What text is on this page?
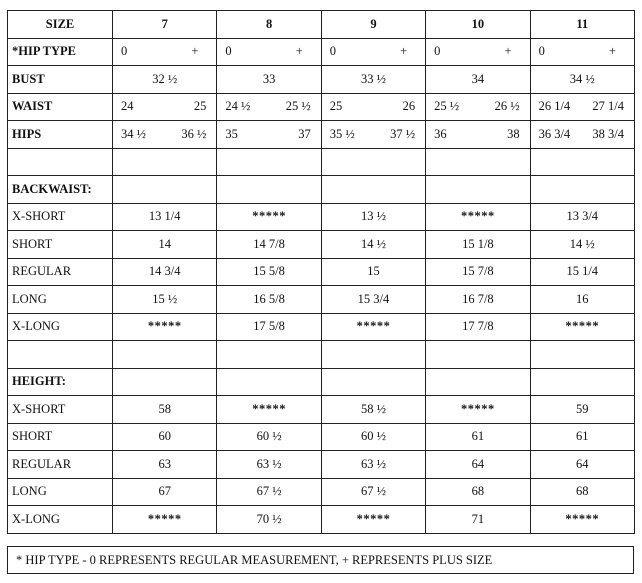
SIZE	7	8	9	10	11
*HIP TYPE	0 +	0 +	0 +	0 +	0 +

BUST	32 ½	33	33 ½	34	34 ½
WAIST	24 25	24 ½ 25 ½	25 26	25 ½ 26 ½	26 1/4 27 1/4

HIPS	34 ½ 36 ½	35 37	35 ½ 37 ½	36 38	36 3/4 38 3/4

BACKWAIST:					
X-SHORT	13 1/4	*****	13 ½	*****	13 3/4
SHORT	14	14 7/8	14 ½	15 1/8	14 ½
REGULAR	14 3/4	15 5/8	15	15 7/8	15 1/4
LONG	15 ½	16 5/8	15 3/4	16 7/8	16
X-LONG	*****	17 5/8	*****	17 7/8	*****

HEIGHT:					
X-SHORT	58	*****	58 ½	*****	59
SHORT	60	60 ½	60 ½	61	61
REGULAR	63	63 ½	63 ½	64	64
LONG	67	67 ½	67 ½	68	68
X-LONG	*****	70 ½	*****	71	*****
* HIP TYPE - 0 REPRESENTS REGULAR MEASUREMENT, + REPRESENTS PLUS SIZE
